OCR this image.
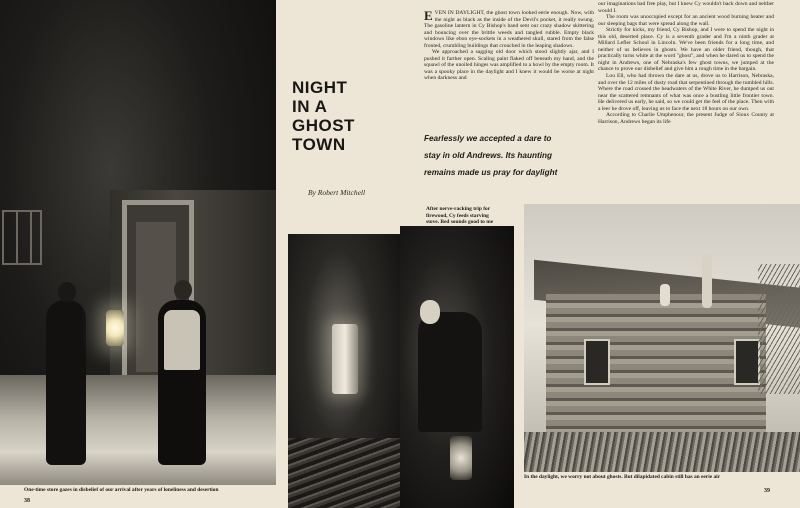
One-time store gazes in disbelief of our arrival after years of loneliness and desertion
38
NIGHT
IN A
GHOST
TOWN
By Robert Mitchell

EVEN IN DAYLIGHT, the ghost town looked eerie enough. Now, with the night as black as the inside of the Devil's pocket, it really swung. The gasoline lantern in Cy Bishop's hand sent our crazy shadow skittering and bouncing over the brittle weeds and tangled rubble. Empty black windows like ebon eye-sockets in a weathered skull, stared from the false fronted, crumbling buildings that crouched in the leaping shadows.

We approached a sagging old door which stood slightly ajar, and I pushed it farther open. Scaling paint flaked off beneath my hand, and the squawl of the unoiled hinges was amplified to a howl by the empty room. It was a spooky place in the daylight and I knew it would be worse at night when darkness and

our imaginations had free play, but I knew Cy wouldn't back down and neither would I.

The room was unoccupied except for an ancient wood burning heater and our sleeping bags that were spread along the wall.

Strictly for kicks, my friend, Cy Bishop, and I were to spend the night in this old, deserted place. Cy is a seventh grader and I'm a ninth grader at Millard Lefler School in Lincoln. We've been friends for a long time, and neither of us believes in ghosts. We have an older friend, though, that practically turns white at the word "ghost", and when he dared us to spend the night in Andrews, one of Nebraska's few ghost towns, we jumped at the chance to prove our disbelief and give him a rough time in the bargain.

Lou Ell, who had thrown the dare at us, drove us to Harrison, Nebraska, and over the 12 miles of dusty road that serpentined through the tumbled hills. Where the road crossed the headwaters of the White River, he dumped us out near the scattered remnants of what was once a bustling little frontier town. He delivered us early, he said, so we could get the feel of the place. Then with a leer he drove off, leaving us to face the next 18 hours on our own.

According to Charlie Umphenour, the present Judge of Sioux County at Harrison, Andrews began its life

Fearlessly we accepted a dare to
stay in old Andrews. Its haunting
remains made us pray for daylight
After nerve-racking trip for
firewood, Cy feeds starving
stove. Bed sounds good to me
In the daylight, we worry not about ghosts. But dilapidated cabin still has an eerie air
39
